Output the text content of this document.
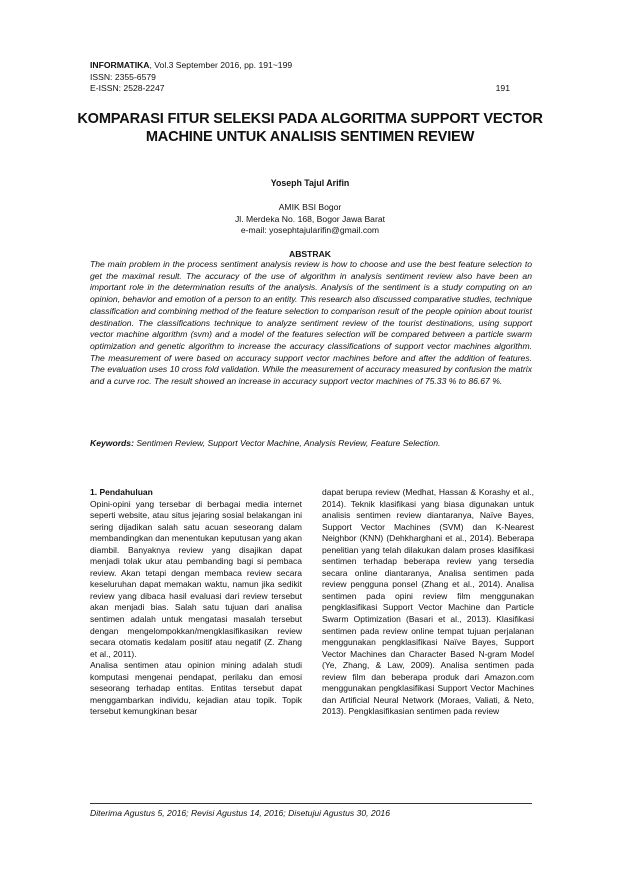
INFORMATIKA, Vol.3 September 2016, pp. 191~199
ISSN: 2355-6579
E-ISSN: 2528-2247	191
KOMPARASI FITUR SELEKSI PADA ALGORITMA SUPPORT VECTOR MACHINE UNTUK ANALISIS SENTIMEN REVIEW
Yoseph Tajul Arifin
AMIK BSI Bogor
Jl. Merdeka No. 168, Bogor Jawa Barat
e-mail: yosephtajularifin@gmail.com
ABSTRAK

The main problem in the process sentiment analysis review is how to choose and use the best feature selection to get the maximal result. The accuracy of the use of algorithm in analysis sentiment review also have been an important role in the determination results of the analysis. Analysis of the sentiment is a study computing on an opinion, behavior and emotion of a person to an entity. This research also discussed comparative studies, technique classification and combining method of the feature selection to comparison result of the people opinion about tourist destination. The classifications technique to analyze sentiment review of the tourist destinations, using support vector machine algorithm (svm) and a model of the features selection will be compared between a particle swarm optimization and genetic algorithm to increase the accuracy classifications of support vector machines algorithm. The measurement of were based on accuracy support vector machines before and after the addition of features. The evaluation uses 10 cross fold validation. While the measurement of accuracy measured by confusion the matrix and a curve roc. The result showed an increase in accuracy support vector machines of 75.33 % to 86.67 %.

Keywords: Sentimen Review, Support Vector Machine, Analysis Review, Feature Selection.

1. Pendahuluan

Opini-opini yang tersebar di berbagai media internet seperti website, atau situs jejaring sosial belakangan ini sering dijadikan salah satu acuan seseorang dalam membandingkan dan menentukan keputusan yang akan diambil. Banyaknya review yang disajikan dapat menjadi tolak ukur atau pembanding bagi si pembaca review. Akan tetapi dengan membaca review secara keseluruhan dapat memakan waktu, namun jika sedikit review yang dibaca hasil evaluasi dari review tersebut akan menjadi bias. Salah satu tujuan dari analisa sentimen adalah untuk mengatasi masalah tersebut dengan mengelompokkan/mengklasifikasikan review secara otomatis kedalam positif atau negatif (Z. Zhang et al., 2011).

Analisa sentimen atau opinion mining adalah studi komputasi mengenai pendapat, perilaku dan emosi seseorang terhadap entitas. Entitas tersebut dapat menggambarkan individu, kejadian atau topik. Topik tersebut kemungkinan besar

dapat berupa review (Medhat, Hassan & Korashy et al., 2014). Teknik klasifikasi yang biasa digunakan untuk analisis sentimen review diantaranya, Naïve Bayes, Support Vector Machines (SVM) dan K-Nearest Neighbor (KNN) (Dehkharghani et al., 2014). Beberapa penelitian yang telah dilakukan dalam proses klasifikasi sentimen terhadap beberapa review yang tersedia secara online diantaranya, Analisa sentimen pada review pengguna ponsel (Zhang et al., 2014). Analisa sentimen pada opini review film menggunakan pengklasifikasi Support Vector Machine dan Particle Swarm Optimization (Basari et al., 2013). Klasifikasi sentimen pada review online tempat tujuan perjalanan menggunakan pengklasifikasi Naïve Bayes, Support Vector Machines dan Character Based N-gram Model (Ye, Zhang, & Law, 2009). Analisa sentimen pada review film dan beberapa produk dari Amazon.com menggunakan pengklasifikasi Support Vector Machines dan Artificial Neural Network (Moraes, Valiati, & Neto, 2013). Pengklasifikasian sentimen pada review

Diterima Agustus 5, 2016; Revisi Agustus 14, 2016; Disetujui Agustus 30, 2016
